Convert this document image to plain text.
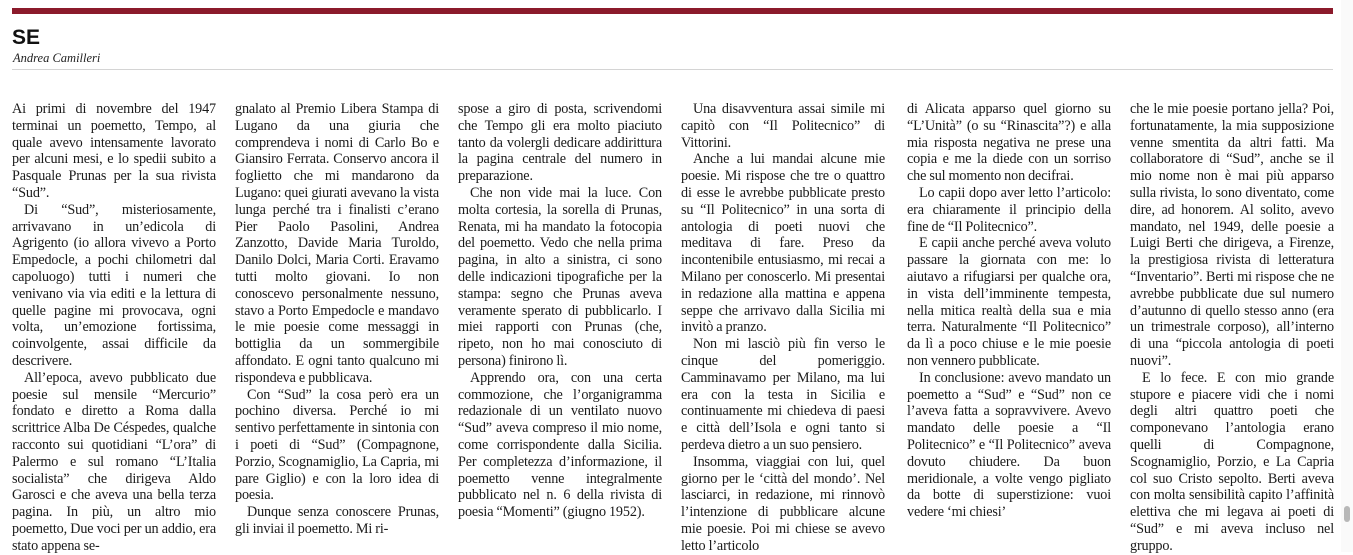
SE
Andrea Camilleri

Ai primi di novembre del 1947 terminai un poemetto, Tempo, al quale avevo intensamente lavorato per alcuni mesi, e lo spedii subito a Pasquale Prunas per la sua rivista “Sud”.

Di “Sud”, misteriosamente, arrivavano in un’edicola di Agrigento (io allora vivevo a Porto Empedocle, a pochi chilometri dal capoluogo) tutti i numeri che venivano via via editi e la lettura di quelle pagine mi provocava, ogni volta, un’emozione fortissima, coinvolgente, assai difficile da descrivere.

All’epoca, avevo pubblicato due poesie sul mensile “Mercurio” fondato e diretto a Roma dalla scrittrice Alba De Céspedes, qualche racconto sui quotidiani “L’ora” di Palermo e sul romano “L’Italia socialista” che dirigeva Aldo Garosci e che aveva una bella terza pagina. In più, un altro mio poemetto, Due voci per un addio, era stato appena se-

gnalato al Premio Libera Stampa di Lugano da una giuria che comprendeva i nomi di Carlo Bo e Giansiro Ferrata. Conservo ancora il foglietto che mi mandarono da Lugano: quei giurati avevano la vista lunga perché tra i finalisti c’erano Pier Paolo Pasolini, Andrea Zanzotto, Davide Maria Turoldo, Danilo Dolci, Maria Corti. Eravamo tutti molto giovani. Io non conoscevo personalmente nessuno, stavo a Porto Empedocle e mandavo le mie poesie come messaggi in bottiglia da un sommergibile affondato. E ogni tanto qualcuno mi rispondeva e pubblicava.

Con “Sud” la cosa però era un pochino diversa. Perché io mi sentivo perfettamente in sintonia con i poeti di “Sud” (Compagnone, Porzio, Scognamiglio, La Capria, mi pare Giglio) e con la loro idea di poesia.

Dunque senza conoscere Prunas, gli inviai il poemetto. Mi ri-

spose a giro di posta, scrivendomi che Tempo gli era molto piaciuto tanto da volergli dedicare addirittura la pagina centrale del numero in preparazione.

Che non vide mai la luce. Con molta cortesia, la sorella di Prunas, Renata, mi ha mandato la fotocopia del poemetto. Vedo che nella prima pagina, in alto a sinistra, ci sono delle indicazioni tipografiche per la stampa: segno che Prunas aveva veramente sperato di pubblicarlo. I miei rapporti con Prunas (che, ripeto, non ho mai conosciuto di persona) finirono lì.

Apprendo ora, con una certa commozione, che l’organigramma redazionale di un ventilato nuovo “Sud” aveva compreso il mio nome, come corrispondente dalla Sicilia. Per completezza d’informazione, il poemetto venne integralmente pubblicato nel n. 6 della rivista di poesia “Momenti” (giugno 1952).

Una disavventura assai simile mi capitò con “Il Politecnico” di Vittorini.

Anche a lui mandai alcune mie poesie. Mi rispose che tre o quattro di esse le avrebbe pubblicate presto su “Il Politecnico” in una sorta di antologia di poeti nuovi che meditava di fare. Preso da incontenibile entusiasmo, mi recai a Milano per conoscerlo. Mi presentai in redazione alla mattina e appena seppe che arrivavo dalla Sicilia mi invitò a pranzo.

Non mi lasciò più fin verso le cinque del pomeriggio. Camminavamo per Milano, ma lui era con la testa in Sicilia e continuamente mi chiedeva di paesi e città dell’Isola e ogni tanto si perdeva dietro a un suo pensiero.

Insomma, viaggiai con lui, quel giorno per le ‘città del mondo’. Nel lasciarci, in redazione, mi rinnovò l’intenzione di pubblicare alcune mie poesie. Poi mi chiese se avevo letto l’articolo

di Alicata apparso quel giorno su “L’Unità” (o su “Rinascita”?) e alla mia risposta negativa ne prese una copia e me la diede con un sorriso che sul momento non decifrai.

Lo capii dopo aver letto l’articolo: era chiaramente il principio della fine de “Il Politecnico”.

E capii anche perché aveva voluto passare la giornata con me: lo aiutavo a rifugiarsi per qualche ora, in vista dell’imminente tempesta, nella mitica realtà della sua e mia terra. Naturalmente “Il Politecnico” da lì a poco chiuse e le mie poesie non vennero pubblicate.

In conclusione: avevo mandato un poemetto a “Sud” e “Sud” non ce l’aveva fatta a sopravvivere. Avevo mandato delle poesie a “Il Politecnico” e “Il Politecnico” aveva dovuto chiudere. Da buon meridionale, a volte vengo pigliato da botte di superstizione: vuoi vedere ‘mi chiesi’

che le mie poesie portano jella? Poi, fortunatamente, la mia supposizione venne smentita da altri fatti. Ma collaboratore di “Sud”, anche se il mio nome non è mai più apparso sulla rivista, lo sono diventato, come dire, ad honorem. Al solito, avevo mandato, nel 1949, delle poesie a Luigi Berti che dirigeva, a Firenze, la prestigiosa rivista di letteratura “Inventario”. Berti mi rispose che ne avrebbe pubblicate due sul numero d’autunno di quello stesso anno (era un trimestrale corposo), all’interno di una “piccola antologia di poeti nuovi”.

E lo fece. E con mio grande stupore e piacere vidi che i nomi degli altri quattro poeti che componevano l’antologia erano quelli di Compagnone, Scognamiglio, Porzio, e La Capria col suo Cristo sepolto. Berti aveva con molta sensibilità capito l’affinità elettiva che mi legava ai poeti di “Sud” e mi aveva incluso nel gruppo.
